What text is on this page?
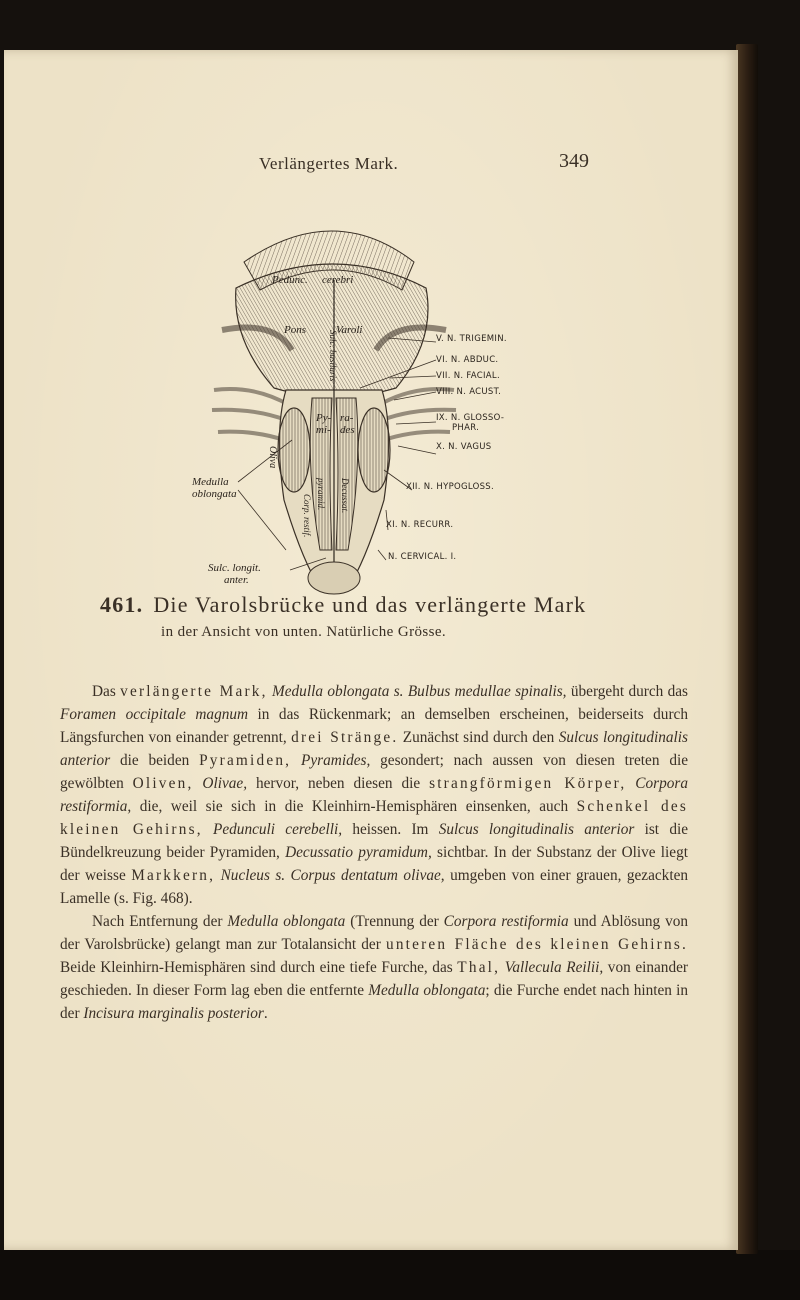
Verlängertes Mark.	349
Pedunc. cerebri
Pons	Varoli
Py-
mi-
ra-
des
Oliva
Sulc. basilaris
Corp. restif. pyramid. Decussat.
Medulla
oblongata
Sulc. longit.
anter.
V. N. TRIGEMIN.
VI. N. ABDUC.
VII. N. FACIAL.
VIII. N. ACUST.
IX. N. GLOSSO-
PHAR.
X. N. VAGUS
XII. N. HYPOGLOSS.
XI. N. RECURR.
N. CERVICAL. I.
461. Die Varolsbrücke und das verlängerte Mark
in der Ansicht von unten. Natürliche Grösse.

Das verlängerte Mark, Medulla oblongata s. Bulbus medullae spinalis, übergeht durch das Foramen occipitale magnum in das Rückenmark; an demselben erscheinen, beiderseits durch Längsfurchen von einander getrennt, drei Stränge. Zunächst sind durch den Sulcus longitudinalis anterior die beiden Pyramiden, Pyramides, gesondert; nach aussen von diesen treten die gewölbten Oliven, Olivae, hervor, neben diesen die strangförmigen Körper, Corpora restiformia, die, weil sie sich in die Kleinhirn-Hemisphären einsenken, auch Schenkel des kleinen Gehirns, Pedunculi cerebelli, heissen. Im Sulcus longitudinalis anterior ist die Bündelkreuzung beider Pyramiden, Decussatio pyramidum, sichtbar. In der Substanz der Olive liegt der weisse Markkern, Nucleus s. Corpus dentatum olivae, umgeben von einer grauen, gezackten Lamelle (s. Fig. 468).

Nach Entfernung der Medulla oblongata (Trennung der Corpora restiformia und Ablösung von der Varolsbrücke) gelangt man zur Totalansicht der unteren Fläche des kleinen Gehirns. Beide Kleinhirn-Hemisphären sind durch eine tiefe Furche, das Thal, Vallecula Reilii, von einander geschieden. In dieser Form lag eben die entfernte Medulla oblongata; die Furche endet nach hinten in der Incisura marginalis posterior.
